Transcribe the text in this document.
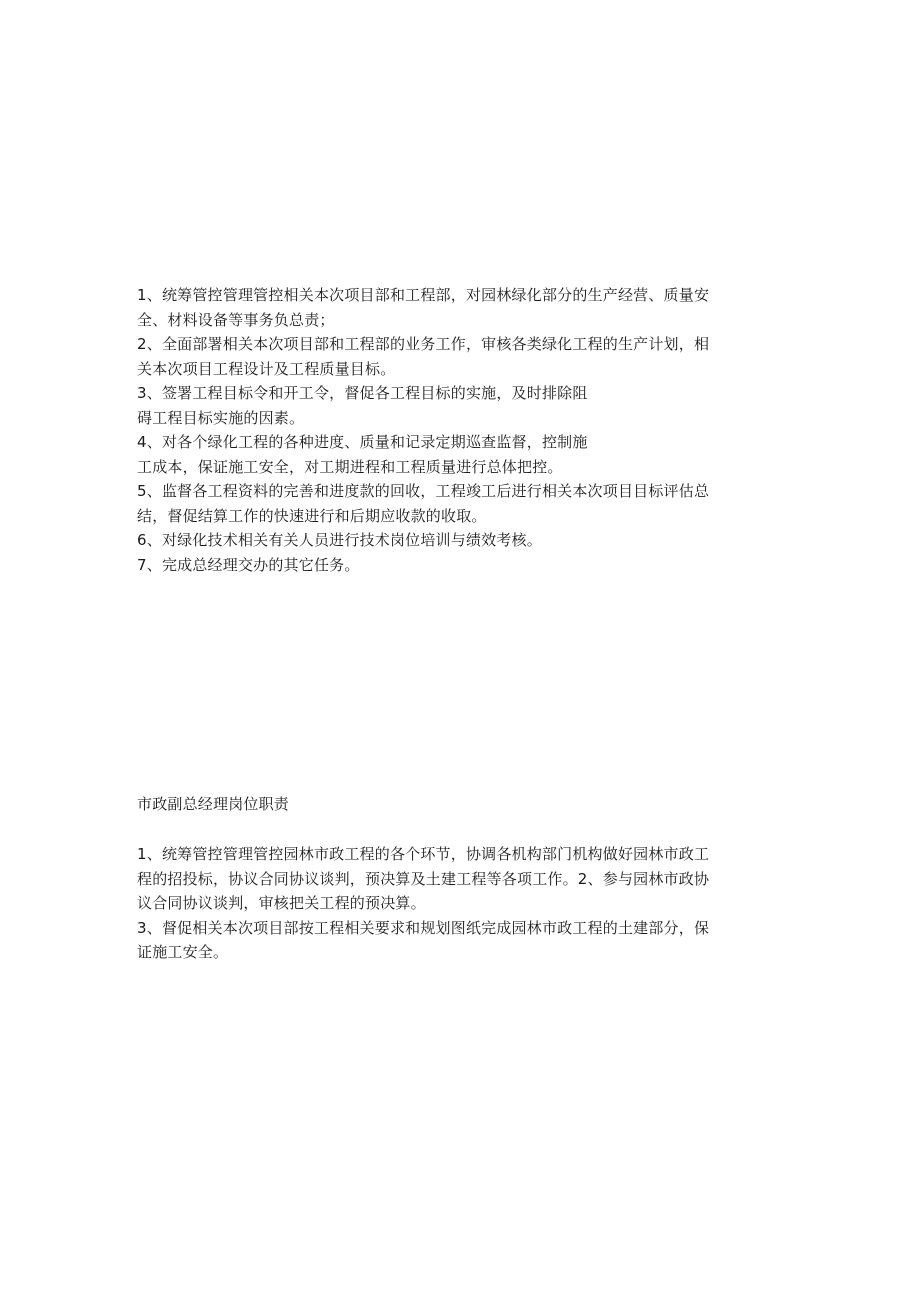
1、统筹管控管理管控相关本次项目部和工程部，对园林绿化部分的生产经营、质量安
全、材料设备等事务负总责；
2、全面部署相关本次项目部和工程部的业务工作，审核各类绿化工程的生产计划，相
关本次项目工程设计及工程质量目标。
3、签署工程目标令和开工令，督促各工程目标的实施，及时排除阻
碍工程目标实施的因素。
4、对各个绿化工程的各种进度、质量和记录定期巡查监督，控制施
工成本，保证施工安全，对工期进程和工程质量进行总体把控。
5、监督各工程资料的完善和进度款的回收，工程竣工后进行相关本次项目目标评估总
结，督促结算工作的快速进行和后期应收款的收取。
6、对绿化技术相关有关人员进行技术岗位培训与绩效考核。
7、完成总经理交办的其它任务。
市政副总经理岗位职责
1、统筹管控管理管控园林市政工程的各个环节，协调各机构部门机构做好园林市政工
程的招投标，协议合同协议谈判，预决算及土建工程等各项工作。2、参与园林市政协
议合同协议谈判，审核把关工程的预决算。
3、督促相关本次项目部按工程相关要求和规划图纸完成园林市政工程的土建部分，保
证施工安全。
